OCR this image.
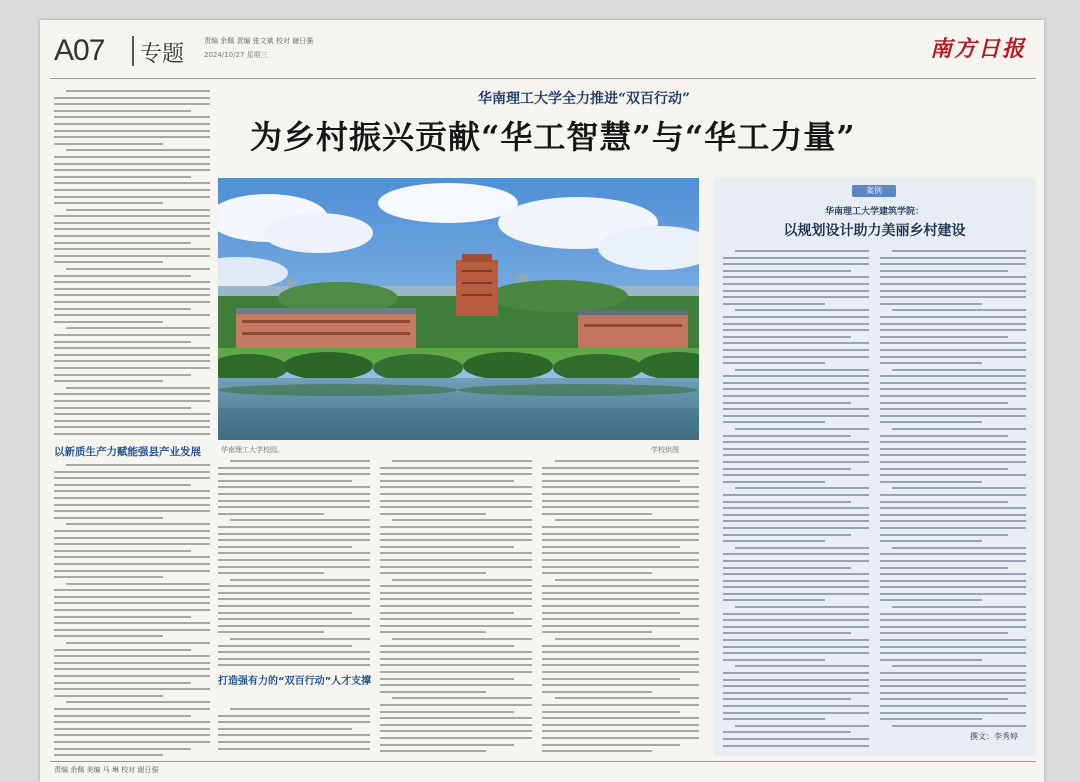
A07 专题
责编 余佩 责编 张文斌 校对 谢日强
2024/10/27 星期三	南方日报
以新质生产力赋能强县产业发展
华南理工大学全力推进“双百行动”
为乡村振兴贡献“华工智慧”与“华工力量”
华南理工大学校园。	学校供图
打造强有力的“双百行动”人才支撑
案例
华南理工大学建筑学院：
以规划设计助力美丽乡村建设
撰文：李秀婷
责编 余佩 美编 马 琳 校对 谢日强
